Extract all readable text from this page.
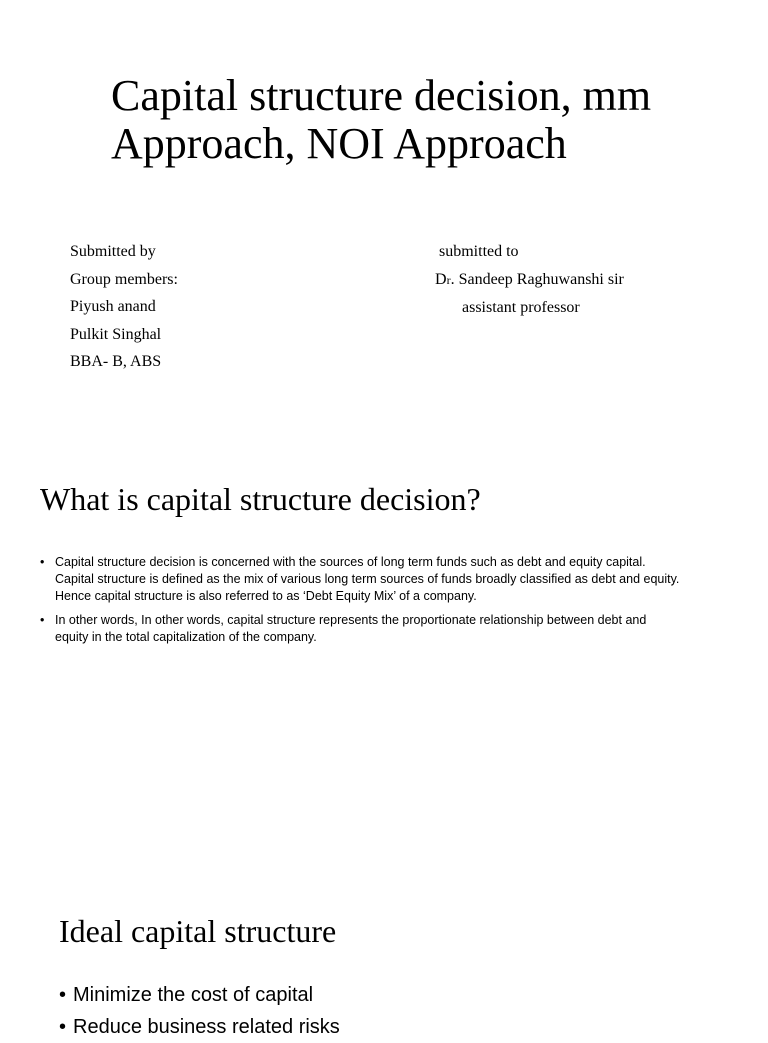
Capital structure decision, mm Approach, NOI Approach
Submitted by
Group members:
Piyush anand
Pulkit Singhal
BBA- B, ABS
submitted to
Dr. Sandeep Raghuwanshi sir
assistant professor
What is capital structure decision?
• Capital structure decision is concerned with the sources of long term funds such as debt and equity capital. Capital structure is defined as the mix of various long term sources of funds broadly classified as debt and equity. Hence capital structure is also referred to as ‘Debt Equity Mix’ of a company.
• In other words, In other words, capital structure represents the proportionate relationship between debt and equity in the total capitalization of the company.
Ideal capital structure
• Minimize the cost of capital
• Reduce business related risks
